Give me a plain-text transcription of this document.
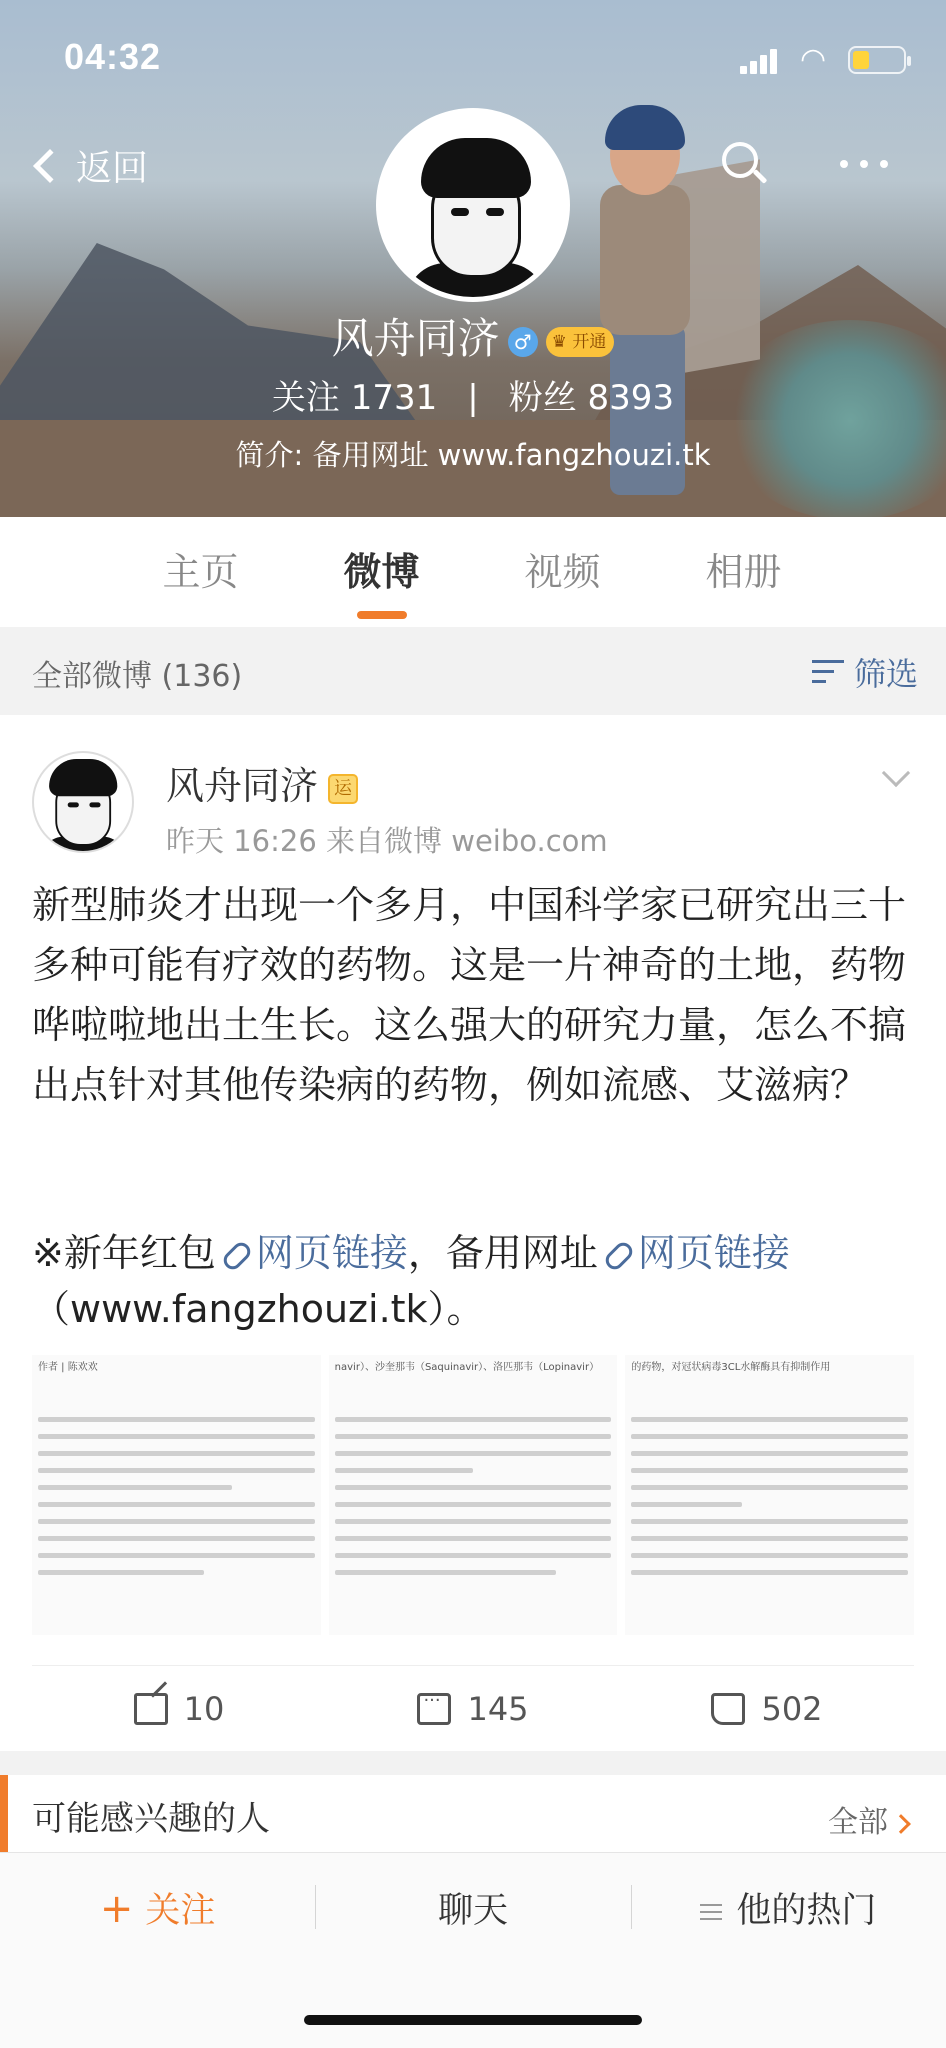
04:32	◠
返回
风舟同济 ♂ ♛ 开通
关注 1731 | 粉丝 8393
简介: 备用网址 www.fangzhouzi.tk
主页	微博	视频	相册
全部微博 (136)	筛选
风舟同济 运
昨天 16:26 来自微博 weibo.com
新型肺炎才出现一个多月，中国科学家已研究出三十多种可能有疗效的药物。这是一片神奇的土地，药物哗啦啦地出土生长。这么强大的研究力量，怎么不搞出点针对其他传染病的药物，例如流感、艾滋病？
※新年红包 网页链接，备用网址 网页链接
（www.fangzhouzi.tk）。

作者 | 陈欢欢	navir）、沙奎那韦（Saquinavir）、洛匹那韦（Lopinavir）	的药物，对冠状病毒3CL水解酶具有抑制作用

10
···	145	502
可能感兴趣的人	全部
+ 关注	聊天	他的热门
